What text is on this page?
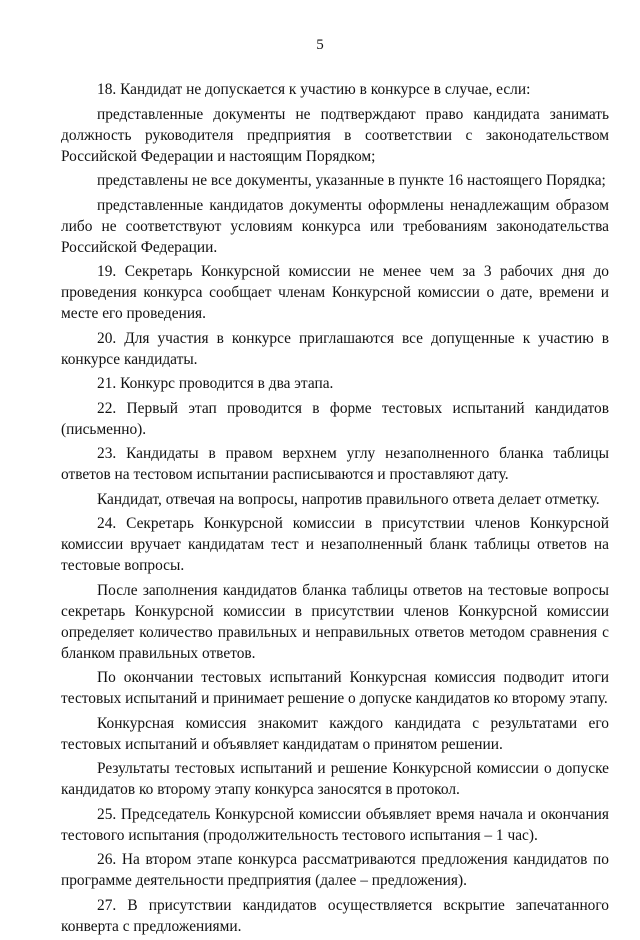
5

18. Кандидат не допускается к участию в конкурсе в случае, если:

представленные документы не подтверждают право кандидата занимать должность руководителя предприятия в соответствии с законодательством Российской Федерации и настоящим Порядком;

представлены не все документы, указанные в пункте 16 настоящего Порядка;

представленные кандидатов документы оформлены ненадлежащим образом либо не соответствуют условиям конкурса или требованиям законодательства Российской Федерации.

19. Секретарь Конкурсной комиссии не менее чем за 3 рабочих дня до проведения конкурса сообщает членам Конкурсной комиссии о дате, времени и месте его проведения.

20. Для участия в конкурсе приглашаются все допущенные к участию в конкурсе кандидаты.

21. Конкурс проводится в два этапа.

22. Первый этап проводится в форме тестовых испытаний кандидатов (письменно).

23. Кандидаты в правом верхнем углу незаполненного бланка таблицы ответов на тестовом испытании расписываются и проставляют дату.

Кандидат, отвечая на вопросы, напротив правильного ответа делает отметку.

24. Секретарь Конкурсной комиссии в присутствии членов Конкурсной комиссии вручает кандидатам тест и незаполненный бланк таблицы ответов на тестовые вопросы.

После заполнения кандидатов бланка таблицы ответов на тестовые вопросы секретарь Конкурсной комиссии в присутствии членов Конкурсной комиссии определяет количество правильных и неправильных ответов методом сравнения с бланком правильных ответов.

По окончании тестовых испытаний Конкурсная комиссия подводит итоги тестовых испытаний и принимает решение о допуске кандидатов ко второму этапу.

Конкурсная комиссия знакомит каждого кандидата с результатами его тестовых испытаний и объявляет кандидатам о принятом решении.

Результаты тестовых испытаний и решение Конкурсной комиссии о допуске кандидатов ко второму этапу конкурса заносятся в протокол.

25. Председатель Конкурсной комиссии объявляет время начала и окончания тестового испытания (продолжительность тестового испытания – 1 час).

26. На втором этапе конкурса рассматриваются предложения кандидатов по программе деятельности предприятия (далее – предложения).

27. В присутствии кандидатов осуществляется вскрытие запечатанного конверта с предложениями.
